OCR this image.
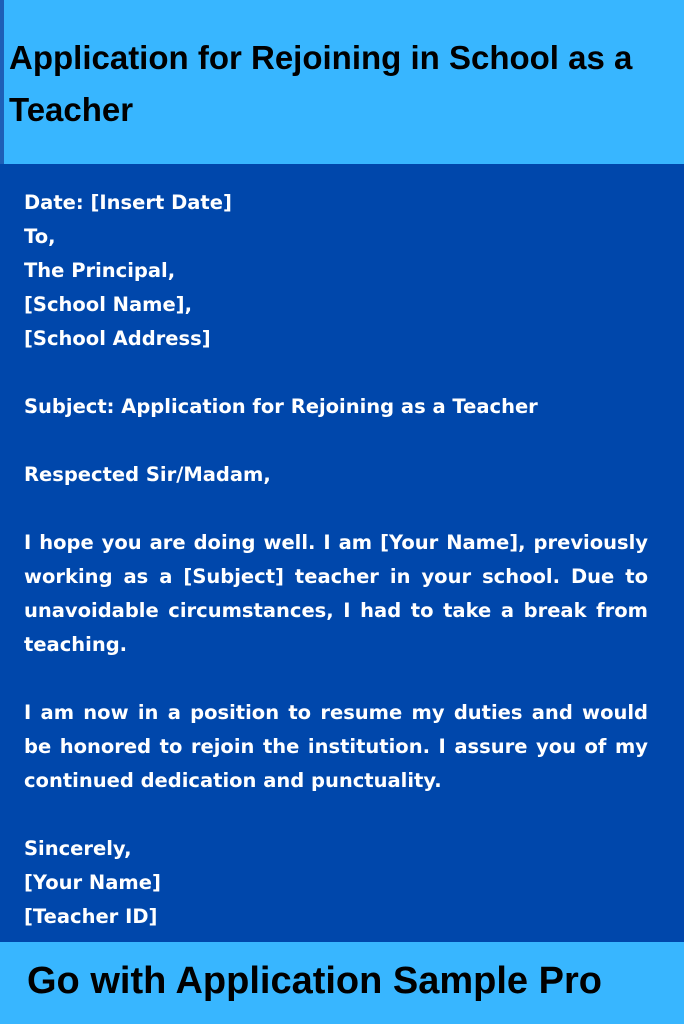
Application for Rejoining in School as a Teacher
Date: [Insert Date]
To,
The Principal,
[School Name],
[School Address]
Subject: Application for Rejoining as a Teacher
Respected Sir/Madam,

I hope you are doing well. I am [Your Name], previously working as a [Subject] teacher in your school. Due to unavoidable circumstances, I had to take a break from teaching.

I am now in a position to resume my duties and would be honored to rejoin the institution. I assure you of my continued dedication and punctuality.

Sincerely,
[Your Name]
[Teacher ID]
Go with Application Sample Pro
